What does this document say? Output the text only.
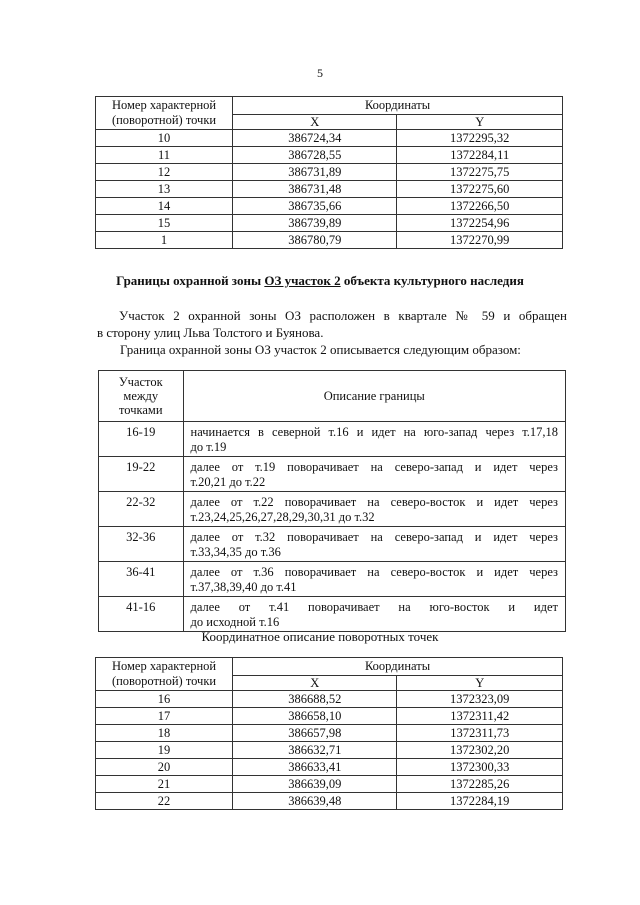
5
Номер характерной
(поворотной) точки	Координаты	
	X	Y
10	386724,34	1372295,32
11	386728,55	1372284,11
12	386731,89	1372275,75
13	386731,48	1372275,60
14	386735,66	1372266,50
15	386739,89	1372254,96
1	386780,79	1372270,99
Границы охранной зоны ОЗ участок 2 объекта культурного наследия
Участок 2 охранной зоны ОЗ расположен в квартале № 59 и обращен
в сторону улиц Льва Толстого и Буянова.
Граница охранной зоны ОЗ участок 2 описывается следующим образом:
Участок
между
точками	Описание границы
16-19	начинается в северной т.16 и идет на юго-запад через т.17,18
до т.19
19-22	далее от т.19 поворачивает на северо-запад и идет через
т.20,21 до т.22
22-32	далее от т.22 поворачивает на северо-восток и идет через
т.23,24,25,26,27,28,29,30,31 до т.32
32-36	далее от т.32 поворачивает на северо-запад и идет через
т.33,34,35 до т.36
36-41	далее от т.36 поворачивает на северо-восток и идет через
т.37,38,39,40 до т.41
41-16	далее от т.41 поворачивает на юго-восток и идет
до исходной т.16
Координатное описание поворотных точек
Номер характерной
(поворотной) точки	Координаты	
	X	Y
16	386688,52	1372323,09
17	386658,10	1372311,42
18	386657,98	1372311,73
19	386632,71	1372302,20
20	386633,41	1372300,33
21	386639,09	1372285,26
22	386639,48	1372284,19
